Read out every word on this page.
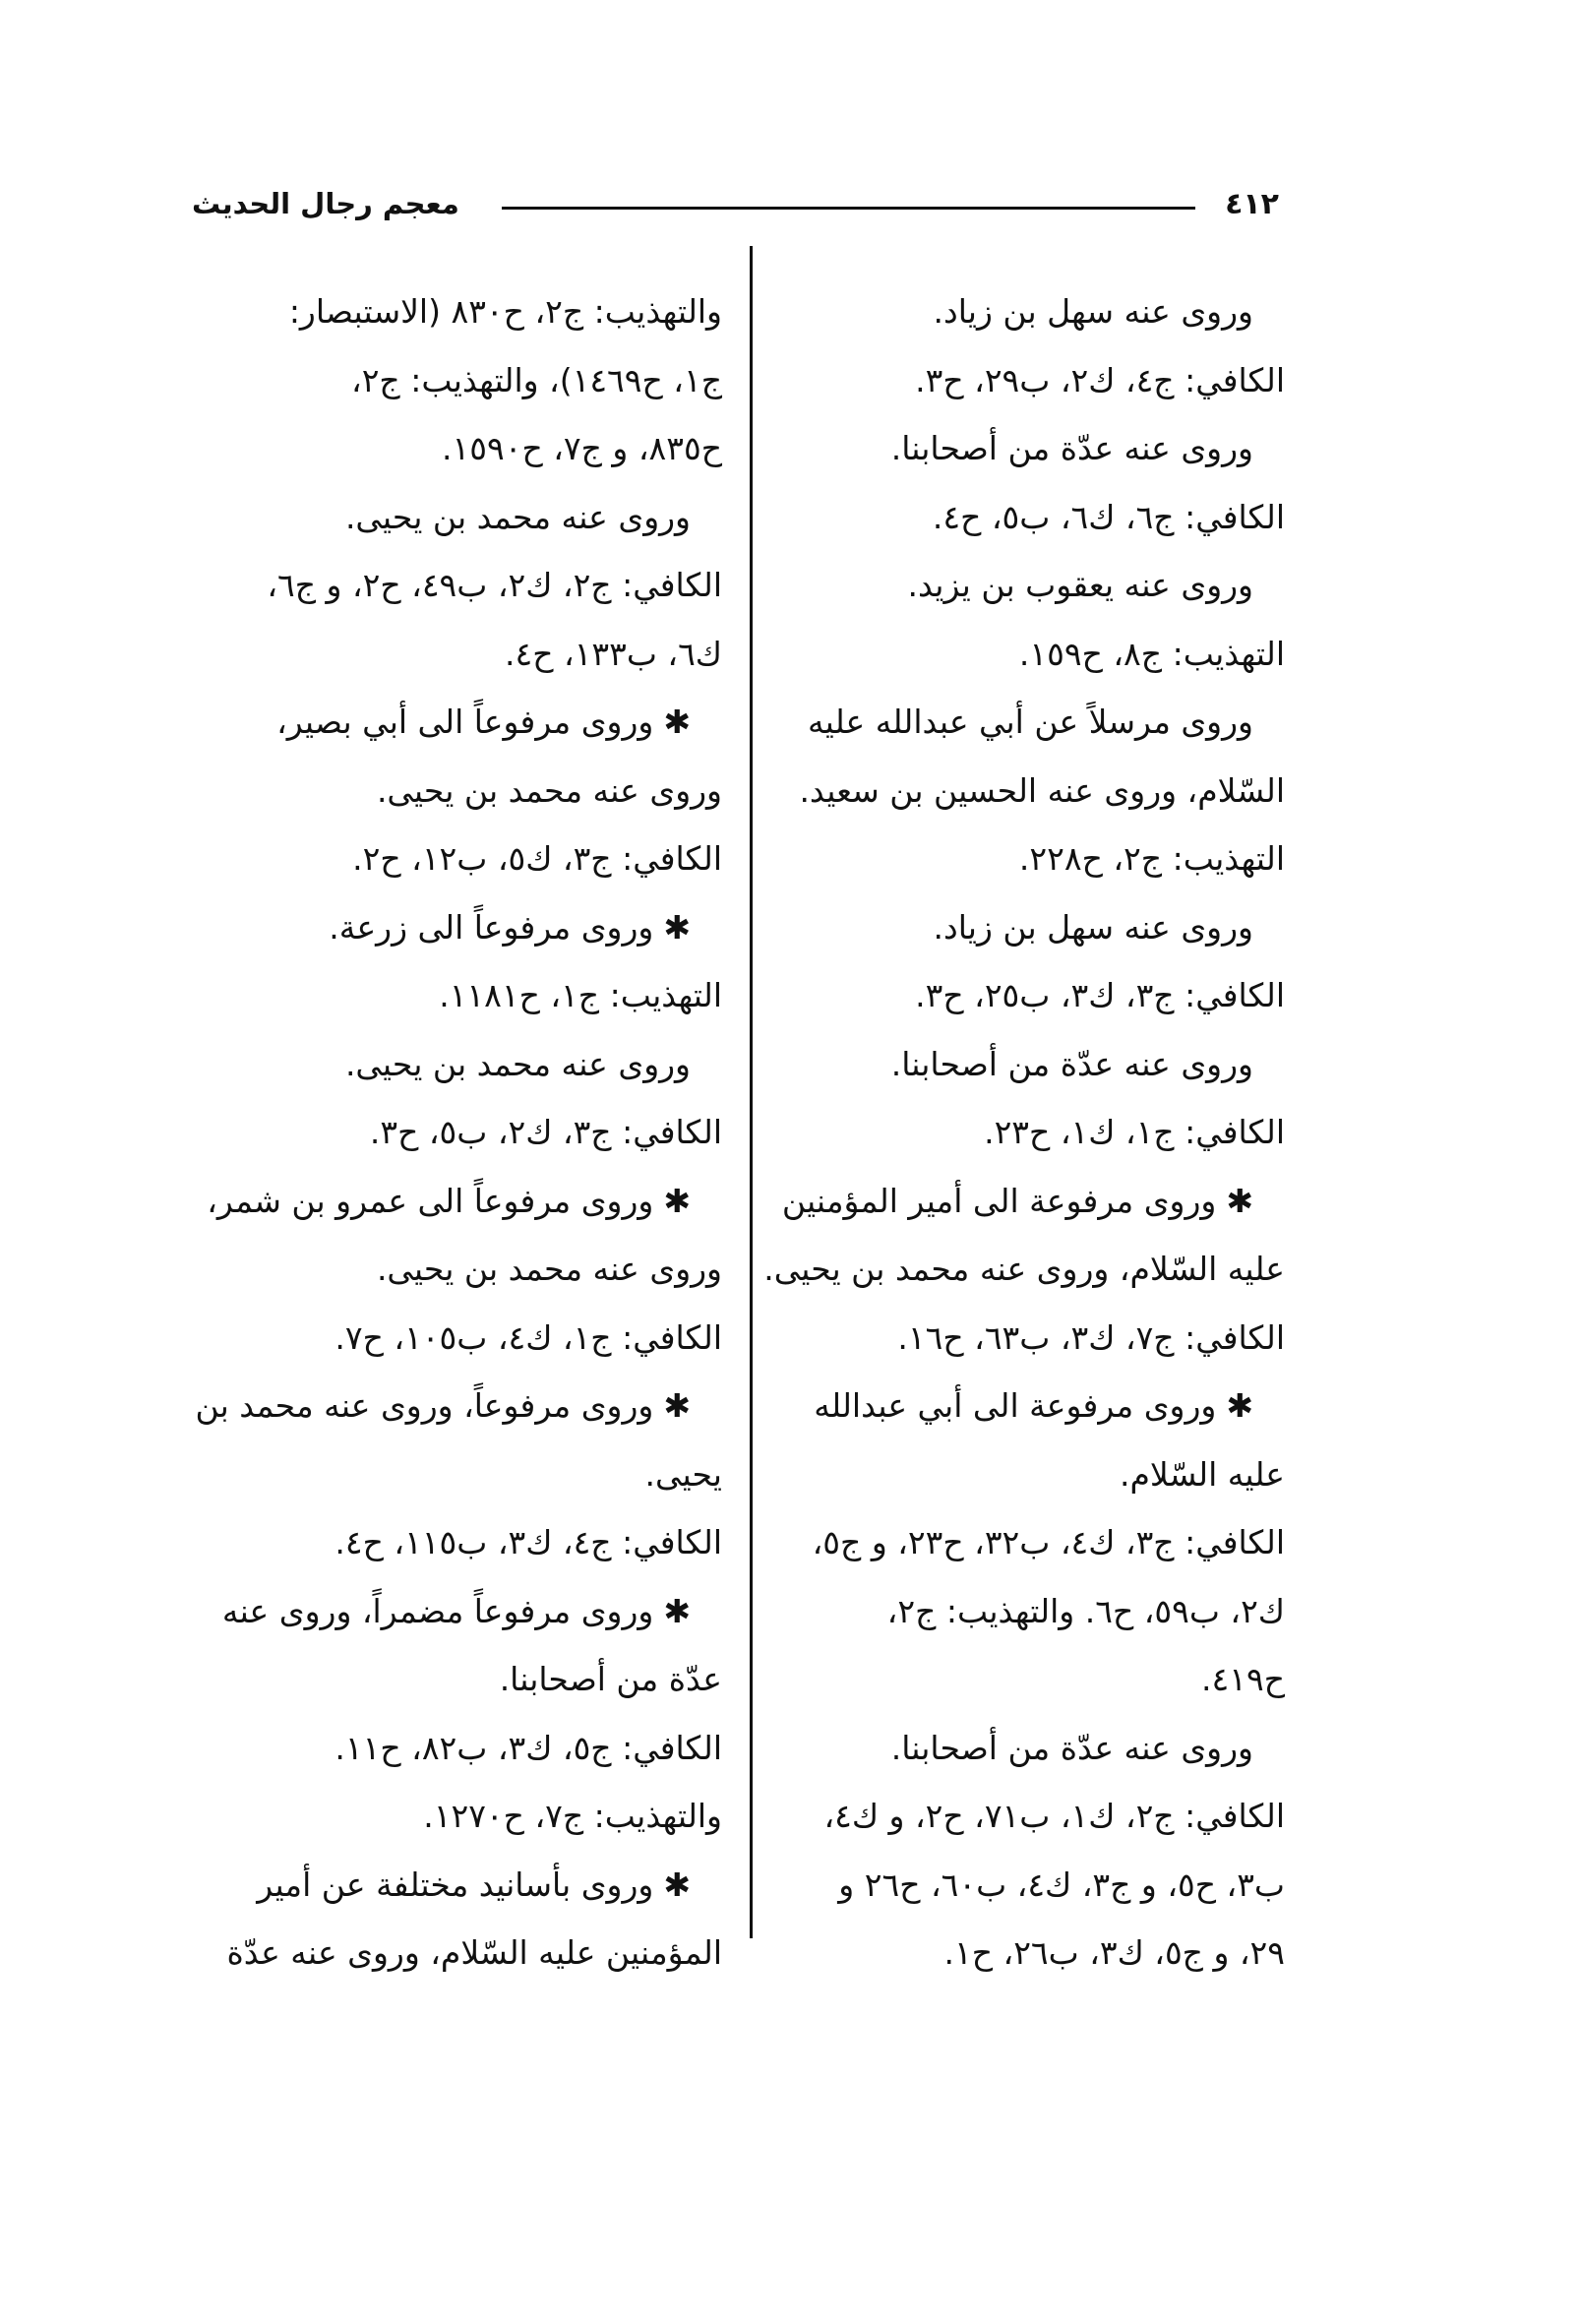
معجم رجال الحديث	٤١٢
وروى عنه سهل بن زياد.
الكافي: ج٤، ك٢، ب٢٩، ح٣.
وروى عنه عدّة من أصحابنا.
الكافي: ج٦، ك٦، ب٥، ح٤.
وروى عنه يعقوب بن يزيد.
التهذيب: ج٨، ح١٥٩.
وروى مرسلاً عن أبي عبدالله عليه
السّلام، وروى عنه الحسين بن سعيد.
التهذيب: ج٢، ح٢٢٨.
وروى عنه سهل بن زياد.
الكافي: ج٣، ك٣، ب٢٥، ح٣.
وروى عنه عدّة من أصحابنا.
الكافي: ج١، ك١، ح٢٣.
✱وروى مرفوعة الى أمير المؤمنين
عليه السّلام، وروى عنه محمد بن يحيى.
الكافي: ج٧، ك٣، ب٦٣، ح١٦.
✱وروى مرفوعة الى أبي عبدالله
عليه السّلام.
الكافي: ج٣، ك٤، ب٣٢، ح٢٣، و ج٥،
ك٢، ب٥٩، ح٦. والتهذيب: ج٢،
ح٤١٩.
وروى عنه عدّة من أصحابنا.
الكافي: ج٢، ك١، ب٧١، ح٢، و ك٤،
ب٣، ح٥، و ج٣، ك٤، ب٦٠، ح٢٦ و
٢٩، و ج٥، ك٣، ب٢٦، ح١.
والتهذيب: ج٢، ح٨٣٠ (الاستبصار:
ج١، ح١٤٦٩)، والتهذيب: ج٢،
ح٨٣٥، و ج٧، ح١٥٩٠.
وروى عنه محمد بن يحيى.
الكافي: ج٢، ك٢، ب٤٩، ح٢، و ج٦،
ك٦، ب١٣٣، ح٤.
✱وروى مرفوعاً الى أبي بصير،
وروى عنه محمد بن يحيى.
الكافي: ج٣، ك٥، ب١٢، ح٢.
✱وروى مرفوعاً الى زرعة.
التهذيب: ج١، ح١١٨١.
وروى عنه محمد بن يحيى.
الكافي: ج٣، ك٢، ب٥، ح٣.
✱وروى مرفوعاً الى عمرو بن شمر،
وروى عنه محمد بن يحيى.
الكافي: ج١، ك٤، ب١٠٥، ح٧.
✱وروى مرفوعاً، وروى عنه محمد بن
يحيى.
الكافي: ج٤، ك٣، ب١١٥، ح٤.
✱وروى مرفوعاً مضمراً، وروى عنه
عدّة من أصحابنا.
الكافي: ج٥، ك٣، ب٨٢، ح١١.
والتهذيب: ج٧، ح١٢٧٠.
✱وروى بأسانيد مختلفة عن أمير
المؤمنين عليه السّلام، وروى عنه عدّة
